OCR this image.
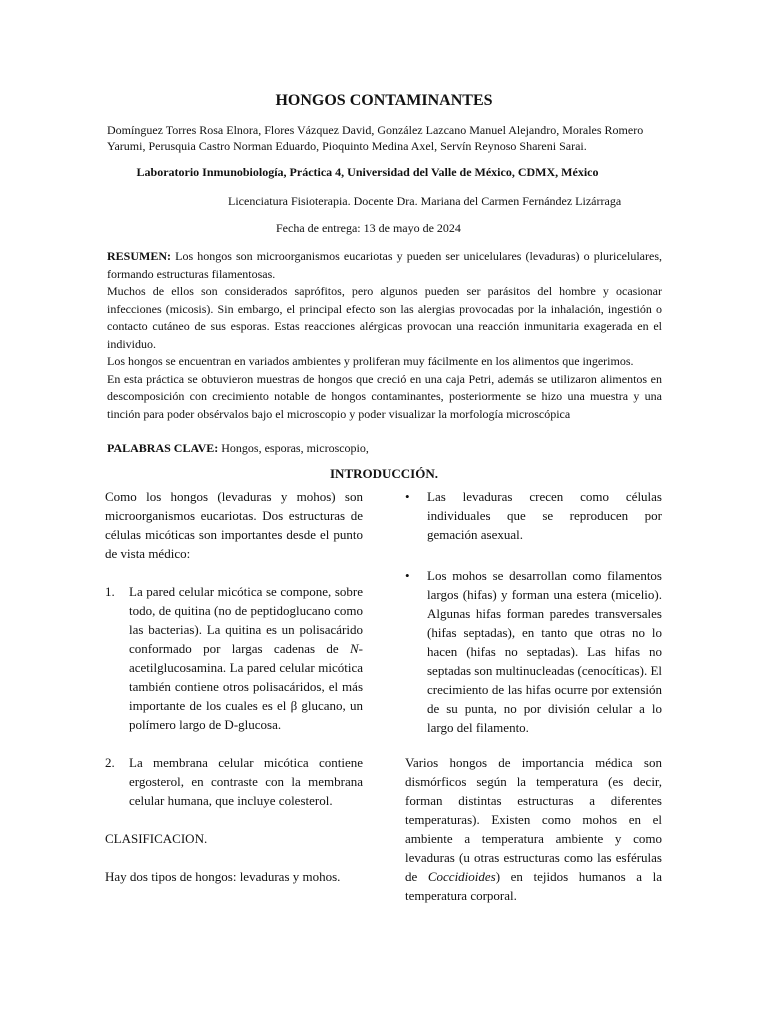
HONGOS CONTAMINANTES
Domínguez Torres Rosa Elnora, Flores Vázquez David, González Lazcano Manuel Alejandro, Morales Romero Yarumi, Perusquia Castro Norman Eduardo, Pioquinto Medina Axel, Servín Reynoso Shareni Sarai.
Laboratorio Inmunobiología, Práctica 4, Universidad del Valle de México, CDMX, México
Licenciatura Fisioterapia. Docente Dra. Mariana del Carmen Fernández Lizárraga
Fecha de entrega: 13 de mayo de 2024

RESUMEN: Los hongos son microorganismos eucariotas y pueden ser unicelulares (levaduras) o pluricelulares, formando estructuras filamentosas.

Muchos de ellos son considerados saprófitos, pero algunos pueden ser parásitos del hombre y ocasionar infecciones (micosis). Sin embargo, el principal efecto son las alergias provocadas por la inhalación, ingestión o contacto cutáneo de sus esporas. Estas reacciones alérgicas provocan una reacción inmunitaria exagerada en el individuo.

Los hongos se encuentran en variados ambientes y proliferan muy fácilmente en los alimentos que ingerimos.

En esta práctica se obtuvieron muestras de hongos que creció en una caja Petri, además se utilizaron alimentos en descomposición con crecimiento notable de hongos contaminantes, posteriormente se hizo una muestra y una tinción para poder obsérvalos bajo el microscopio y poder visualizar la morfología microscópica

PALABRAS CLAVE: Hongos, esporas, microscopio,
INTRODUCCIÓN.

Como los hongos (levaduras y mohos) son microorganismos eucariotas. Dos estructuras de células micóticas son importantes desde el punto de vista médico:

1.	La pared celular micótica se compone, sobre todo, de quitina (no de peptidoglucano como las bacterias). La quitina es un polisacárido conformado por largas cadenas de N-acetilglucosamina. La pared celular micótica también contiene otros polisacáridos, el más importante de los cuales es el β glucano, un polímero largo de D-glucosa.
2.	La membrana celular micótica contiene ergosterol, en contraste con la membrana celular humana, que incluye colesterol.

CLASIFICACION.

Hay dos tipos de hongos: levaduras y mohos.

•	Las levaduras crecen como células individuales que se reproducen por gemación asexual.
•	Los mohos se desarrollan como filamentos largos (hifas) y forman una estera (micelio). Algunas hifas forman paredes transversales (hifas septadas), en tanto que otras no lo hacen (hifas no septadas). Las hifas no septadas son multinucleadas (cenocíticas). El crecimiento de las hifas ocurre por extensión de su punta, no por división celular a lo largo del filamento.

Varios hongos de importancia médica son dismórficos según la temperatura (es decir, forman distintas estructuras a diferentes temperaturas). Existen como mohos en el ambiente a temperatura ambiente y como levaduras (u otras estructuras como las esférulas de Coccidioides) en tejidos humanos a la temperatura corporal.
